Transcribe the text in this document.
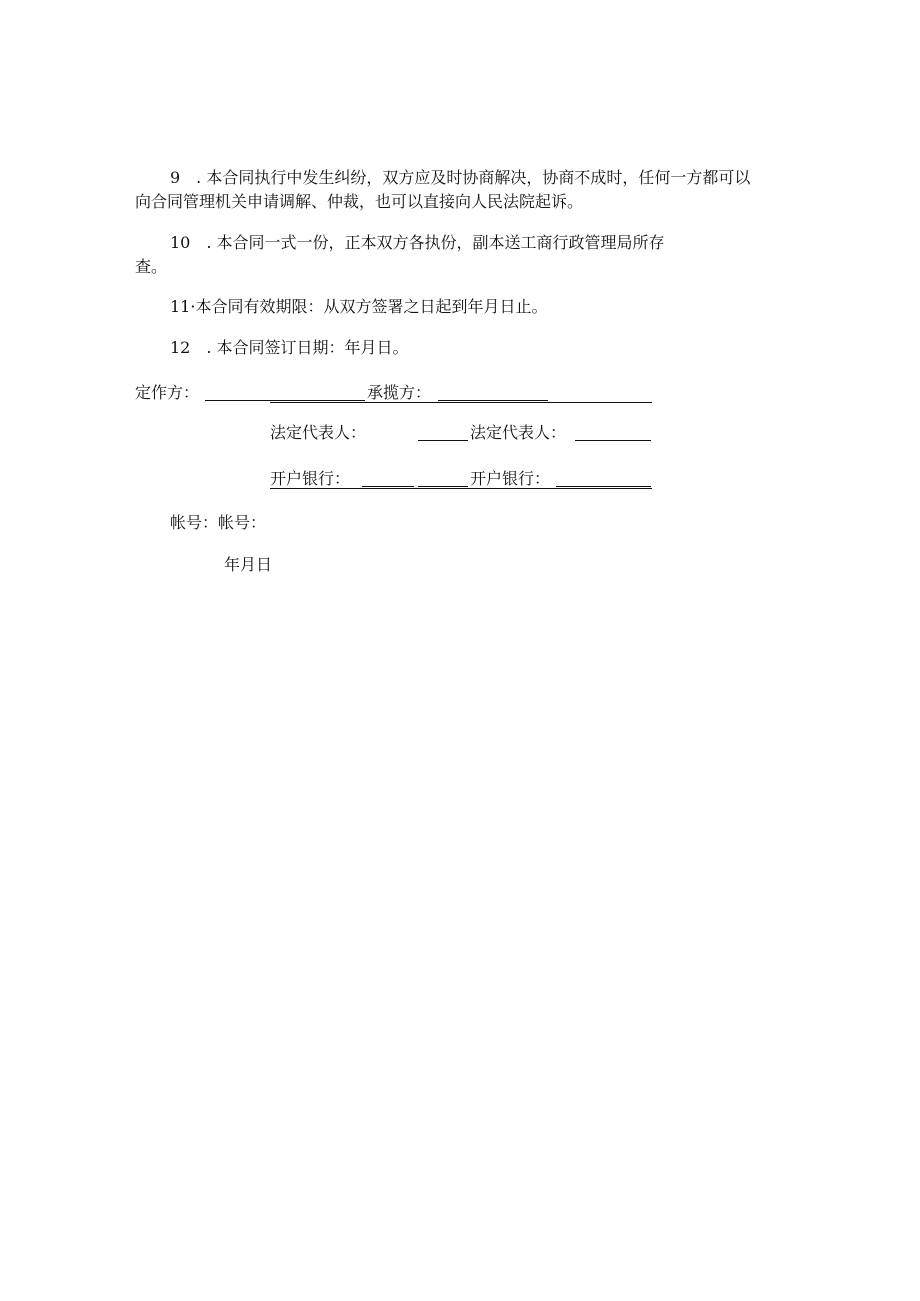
9　. 本合同执行中发生纠纷，双方应及时协商解决，协商不成时，任何一方都可以
向合同管理机关申请调解、仲裁，也可以直接向人民法院起诉。
10　. 本合同一式一份，正本双方各执份，副本送工商行政管理局所存
查。
11·本合同有效期限：从双方签署之日起到年月日止。
12　. 本合同签订日期：年月日。
定作方：	承揽方：
法定代表人：	法定代表人：
开户银行：	开户银行：
帐号：帐号：
年月日
